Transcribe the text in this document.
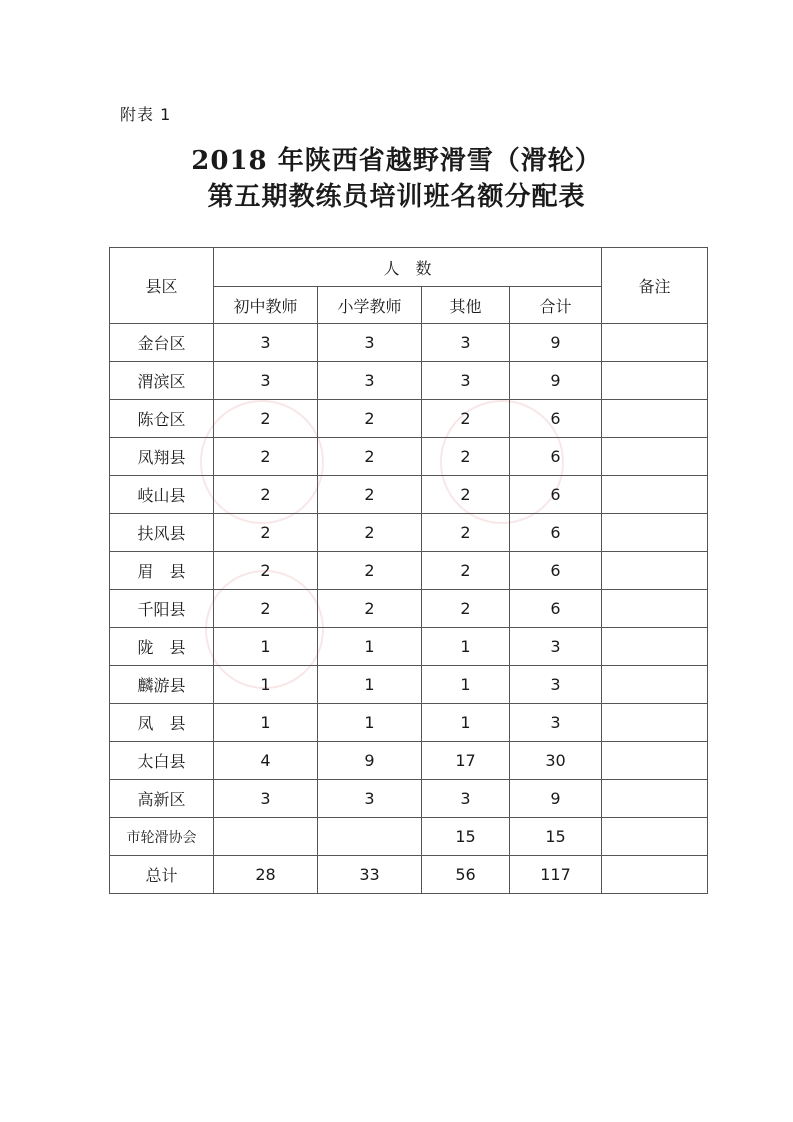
附表 1
2018 年陕西省越野滑雪（滑轮）
第五期教练员培训班名额分配表
县区	人　数				备注
	初中教师	小学教师	其他	合计	
金台区	3	3	3	9	
渭滨区	3	3	3	9	
陈仓区	2	2	2	6	
凤翔县	2	2	2	6	
岐山县	2	2	2	6	
扶风县	2	2	2	6	
眉　县	2	2	2	6	
千阳县	2	2	2	6	
陇　县	1	1	1	3	
麟游县	1	1	1	3	
凤　县	1	1	1	3	
太白县	4	9	17	30	
高新区	3	3	3	9	
市轮滑协会			15	15	
总计	28	33	56	117	
